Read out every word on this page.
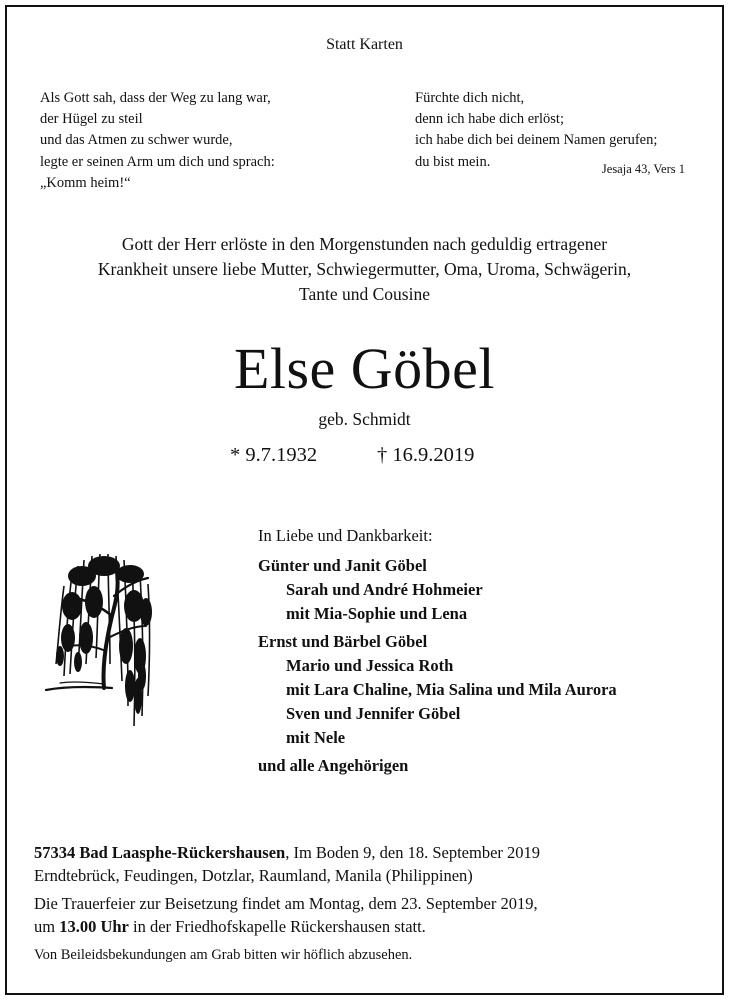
Statt Karten
Als Gott sah, dass der Weg zu lang war,
der Hügel zu steil
und das Atmen zu schwer wurde,
legte er seinen Arm um dich und sprach:
„Komm heim!“
Fürchte dich nicht,
denn ich habe dich erlöst;
ich habe dich bei deinem Namen gerufen;
du bist mein.	Jesaja 43, Vers 1
Gott der Herr erlöste in den Morgenstunden nach geduldig ertragener
Krankheit unsere liebe Mutter, Schwiegermutter, Oma, Uroma, Schwägerin,
Tante und Cousine
Else Göbel
geb. Schmidt
* 9.7.1932	† 16.9.2019
In Liebe und Dankbarkeit:
Günter und Janit Göbel
Sarah und André Hohmeier
mit Mia-Sophie und Lena
Ernst und Bärbel Göbel
Mario und Jessica Roth
mit Lara Chaline, Mia Salina und Mila Aurora
Sven und Jennifer Göbel
mit Nele
und alle Angehörigen
57334 Bad Laasphe-Rückershausen, Im Boden 9, den 18. September 2019
Erndtebrück, Feudingen, Dotzlar, Raumland, Manila (Philippinen)
Die Trauerfeier zur Beisetzung findet am Montag, dem 23. September 2019,
um 13.00 Uhr in der Friedhofskapelle Rückershausen statt.
Von Beileidsbekundungen am Grab bitten wir höflich abzusehen.
